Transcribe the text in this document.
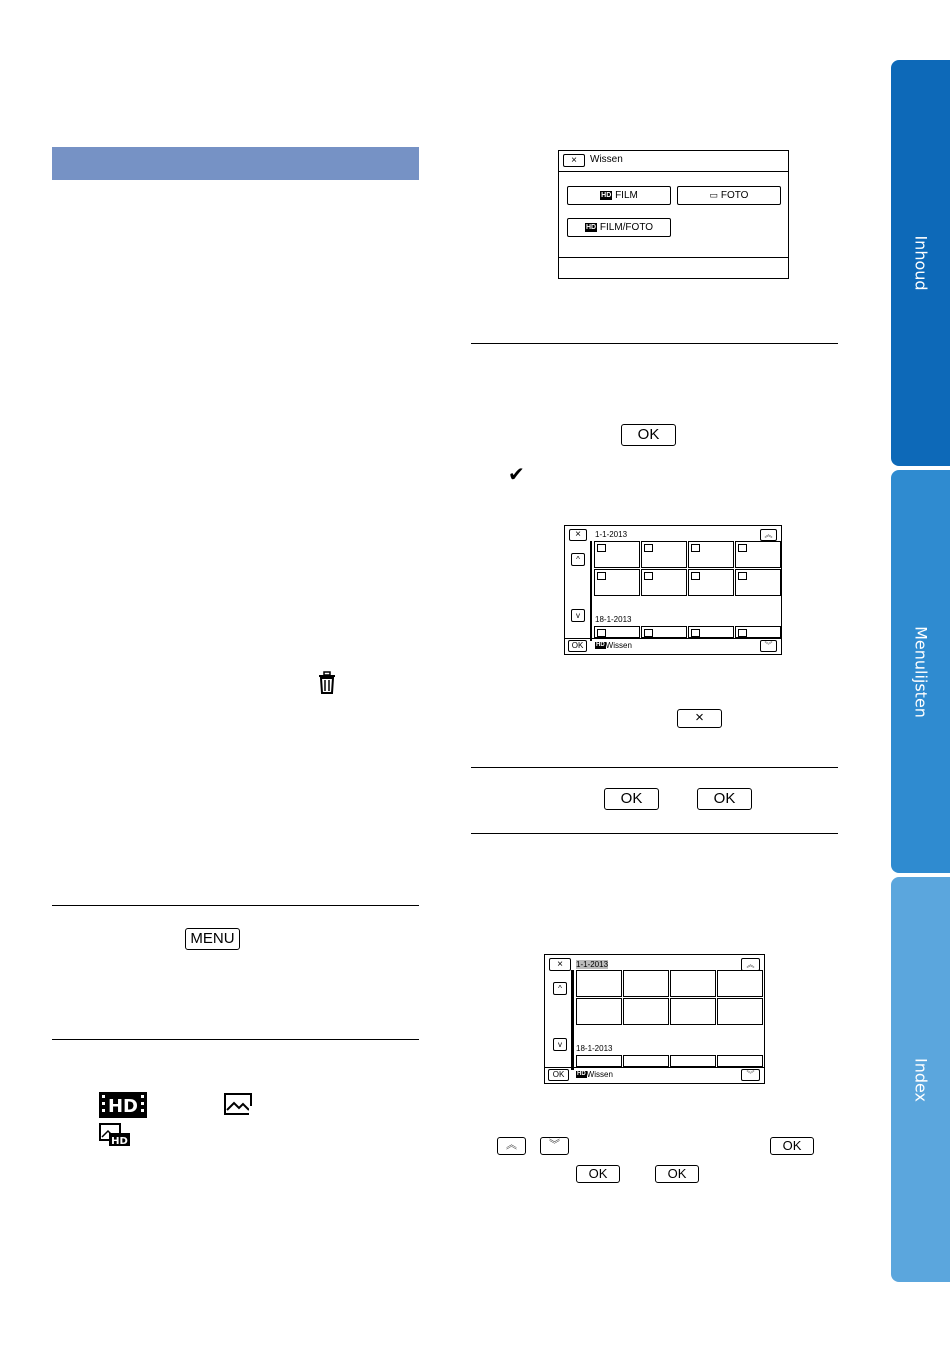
MENU
HD
HD
×	Wissen
HD FILM	▭ FOTO
HD FILM/FOTO
OK
✔
×	1-1-2013	︽
^
v	18-1-2013
OK	HDWissen	︾
×
OK	OK
×	1-1-2013	︽
^
v	18-1-2013
OK	HDWissen	︾
︽	︾	OK
OK	OK
Inhoud
Menulijsten
Index
